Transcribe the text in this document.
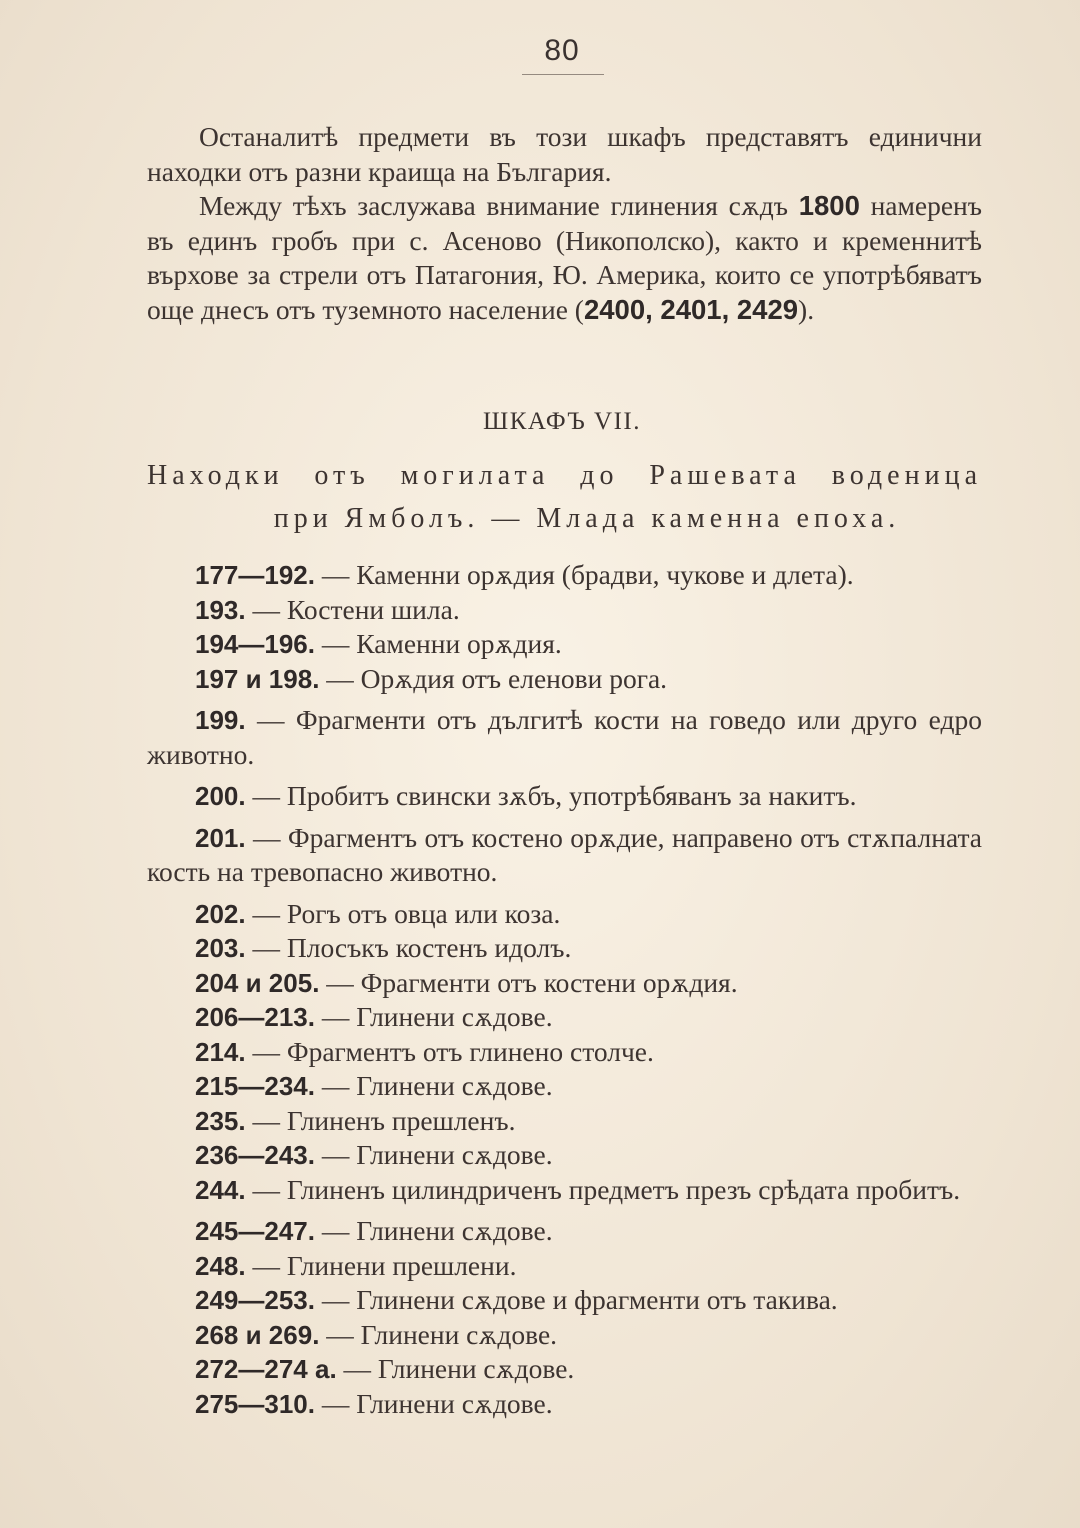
80

Останалитѣ предмети въ този шкафъ представятъ единични находки отъ разни краища на България.

Между тѣхъ заслужава внимание глинения сѫдъ 1800 намеренъ въ единъ гробъ при с. Асеново (Никополско), както и кременнитѣ върхове за стрели отъ Патагония, Ю. Америка, които се употрѣбяватъ още днесъ отъ туземното население (2400, 2401, 2429).

ШКАФЪ VII.
Находки отъ могилата до Рашевата воденица
при Ямболъ. — Млада каменна епоха.

177—192. — Каменни орѫдия (брадви, чукове и длета).

193. — Костени шила.

194—196. — Каменни орѫдия.

197 и 198. — Орѫдия отъ еленови рога.

199. — Фрагменти отъ дългитѣ кости на говедо или друго едро животно.

200. — Пробитъ свински зѫбъ, употрѣбяванъ за накитъ.

201. — Фрагментъ отъ костено орѫдие, направено отъ стѫпалната кость на тревопасно животно.

202. — Рогъ отъ овца или коза.

203. — Плосъкъ костенъ идолъ.

204 и 205. — Фрагменти отъ костени орѫдия.

206—213. — Глинени сѫдове.

214. — Фрагментъ отъ глинено столче.

215—234. — Глинени сѫдове.

235. — Глиненъ прешленъ.

236—243. — Глинени сѫдове.

244. — Глиненъ цилиндриченъ предметъ презъ срѣдата пробитъ.

245—247. — Глинени сѫдове.

248. — Глинени прешлени.

249—253. — Глинени сѫдове и фрагменти отъ такива.

268 и 269. — Глинени сѫдове.

272—274 а. — Глинени сѫдове.

275—310. — Глинени сѫдове.
